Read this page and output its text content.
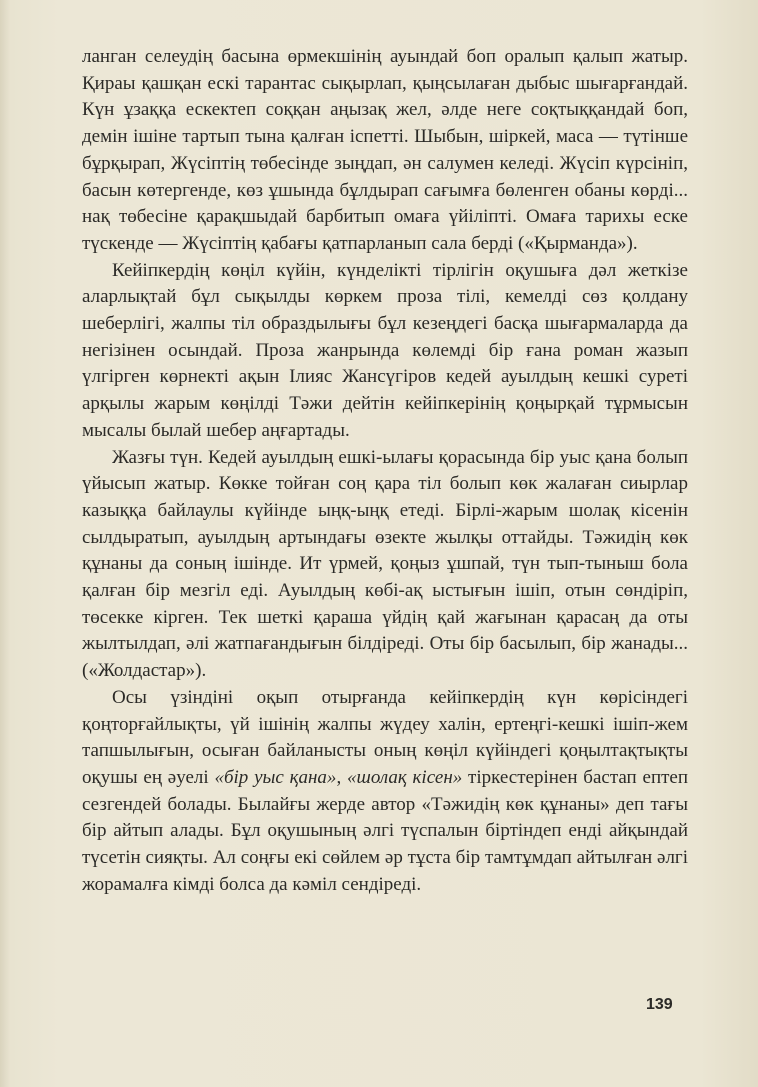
ланган селеудің басына өрмекшінің ауындай боп оралып қалып жатыр. Қираы қашқан ескі тарантас сықырлап, қыңсылаған дыбыс шығарғандай. Күн ұзаққа ескектеп соққан аңызақ жел, әлде неге соқтыққандай боп, демін ішіне тартып тына қалған іспетті. Шыбын, шіркей, маса — түтінше бұрқырап, Жүсіптің төбесінде зыңдап, ән салумен келеді. Жүсіп күрсініп, басын көтергенде, көз ұшында бұлдырап сағымға бөленген обаны көрді... нақ төбесіне қарақшыдай барбитып омаға үйіліпті. Омаға тарихы еске түскенде — Жүсіптің қабағы қатпарланып сала берді («Қырманда»).

Кейіпкердің көңіл күйін, күнделікті тірлігін оқушыға дәл жеткізе аларлықтай бұл сықылды көркем проза тілі, кемелді сөз қолдану шеберлігі, жалпы тіл образдылығы бұл кезеңдегі басқа шығармаларда да негізінен осындай. Проза жанрында көлемді бір ғана роман жазып үлгірген көрнекті ақын Ілияс Жансүгіров кедей ауылдың кешкі суреті арқылы жарым көңілді Тәжи дейтін кейіпкерінің қоңырқай тұрмысын мысалы былай шебер аңғартады.

Жазғы түн. Кедей ауылдың ешкі-ылағы қорасында бір уыс қана болып үйысып жатыр. Көкке тойған соң қара тіл болып көк жалаған сиырлар казыққа байлаулы күйінде ыңқ-ыңқ етеді. Бірлі-жарым шолақ кісенін сылдыратып, ауылдың артындағы өзекте жылқы оттайды. Тәжидің көк құнаны да соның ішінде. Ит үрмей, қоңыз ұшпай, түн тып-тыныш бола қалған бір мезгіл еді. Ауылдың көбі-ақ ыстығын ішіп, отын сөндіріп, төсекке кірген. Тек шеткі қараша үйдің қай жағынан қарасаң да оты жылтылдап, әлі жатпағандығын білдіреді. Оты бір басылып, бір жанады... («Жолдастар»).

Осы үзіндіні оқып отырғанда кейіпкердің күн көрісіндегі қоңторғайлықты, үй ішінің жалпы жүдеу халін, ертеңгі-кешкі ішіп-жем тапшылығын, осыған байланысты оның көңіл күйіндегі қоңылтақтықты оқушы ең әуелі «бір уыс қана», «шолақ кісен» тіркестерінен бастап ептеп сезгендей болады. Былайғы жерде автор «Тәжидің көк құнаны» деп тағы бір айтып алады. Бұл оқушының әлгі түспалын біртіндеп енді айқындай түсетін сияқты. Ал соңғы екі сөйлем әр тұста бір тамтұмдап айтылған әлгі жорамалға кімді болса да кәміл сендіреді.

139
